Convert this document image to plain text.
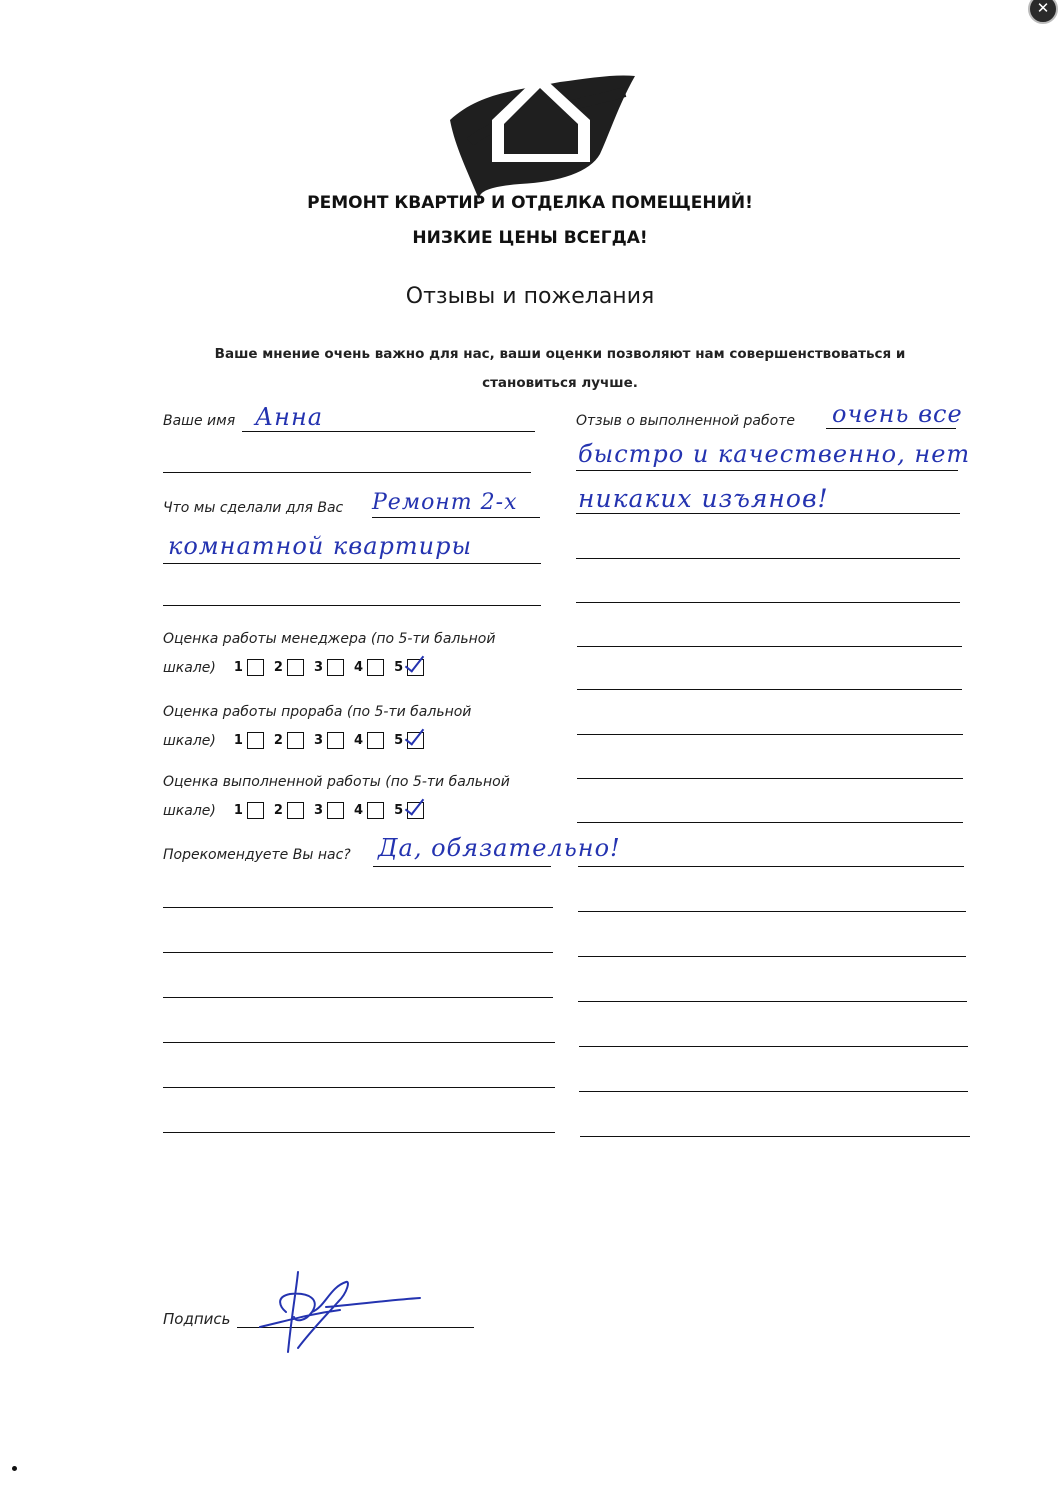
✕
РЕМОНТ КВАРТИР И ОТДЕЛКА ПОМЕЩЕНИЙ!
НИЗКИЕ ЦЕНЫ ВСЕГДА!
Отзывы и пожелания
Ваше мнение очень важно для нас, ваши оценки позволяют нам совершенствоваться и становиться лучше.
Ваше имя Анна
Что мы сделали для Вас Ремонт 2-х
комнатной квартиры
Оценка работы менеджера (по 5-ти бальной
шкале) 1 2 3 4 5
Оценка работы прораба (по 5-ти бальной
шкале) 1 2 3 4 5
Оценка выполненной работы (по 5-ти бальной
шкале) 1 2 3 4 5
Порекомендуете Вы нас? Да, обязательно!
Отзыв о выполненной работе очень все
быстро и качественно, нет
никаких изъянов!
Подпись
